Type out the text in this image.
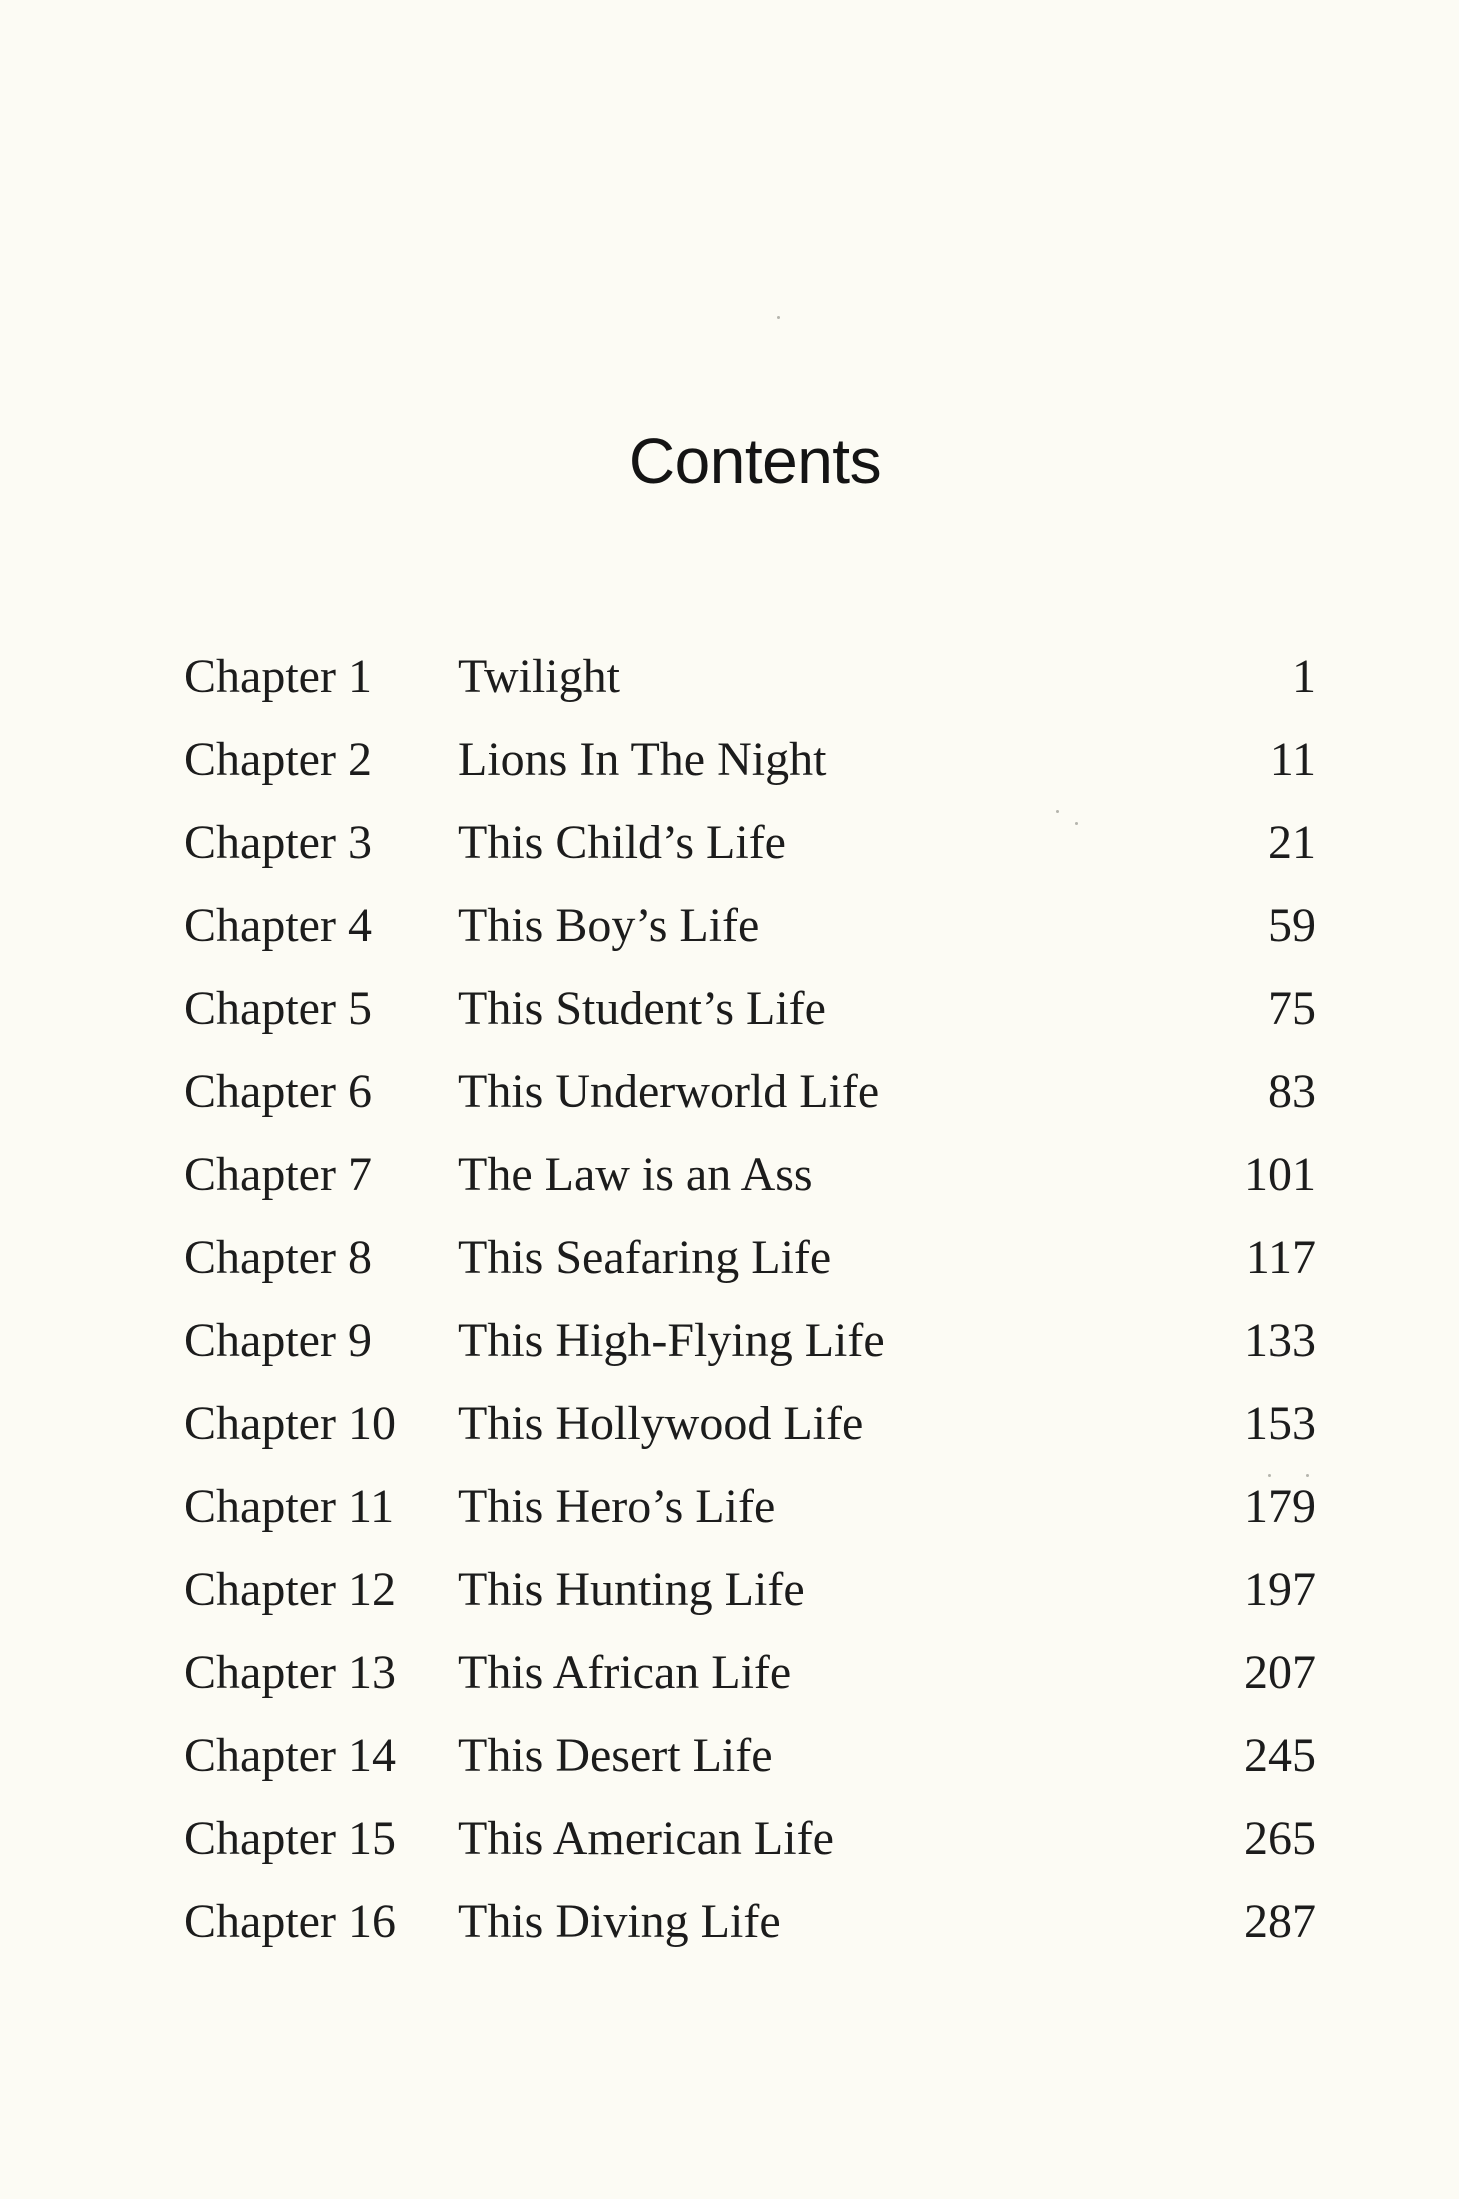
Contents
Chapter 1 Twilight	1
Chapter 2 Lions In The Night	11
Chapter 3 This Child’s Life	21
Chapter 4 This Boy’s Life	59
Chapter 5 This Student’s Life	75
Chapter 6 This Underworld Life	83
Chapter 7 The Law is an Ass	101
Chapter 8 This Seafaring Life	117
Chapter 9 This High-Flying Life	133
Chapter 10 This Hollywood Life	153
Chapter 11 This Hero’s Life	179
Chapter 12 This Hunting Life	197
Chapter 13 This African Life	207
Chapter 14 This Desert Life	245
Chapter 15 This American Life	265
Chapter 16 This Diving Life	287
